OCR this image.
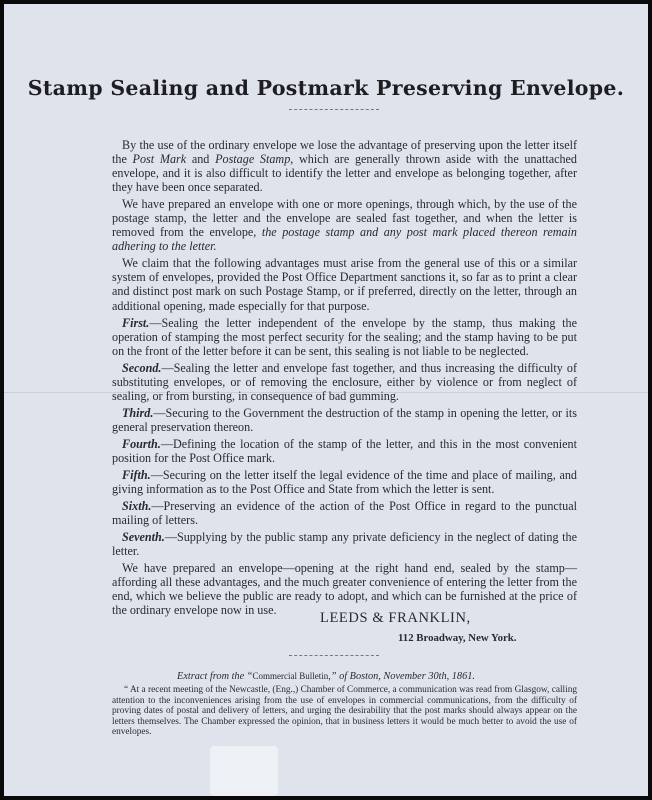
Stamp Sealing and Postmark Preserving Envelope.

By the use of the ordinary envelope we lose the advantage of preserving upon the letter itself the Post Mark and Postage Stamp, which are generally thrown aside with the unattached envelope, and it is also difficult to identify the letter and envelope as belonging together, after they have been once separated.

We have prepared an envelope with one or more openings, through which, by the use of the postage stamp, the letter and the envelope are sealed fast together, and when the letter is removed from the envelope, the postage stamp and any post mark placed thereon remain adhering to the letter.

We claim that the following advantages must arise from the general use of this or a similar system of envelopes, provided the Post Office Department sanctions it, so far as to print a clear and distinct post mark on such Postage Stamp, or if preferred, directly on the letter, through an additional opening, made especially for that purpose.

First.—Sealing the letter independent of the envelope by the stamp, thus making the operation of stamping the most perfect security for the sealing; and the stamp having to be put on the front of the letter before it can be sent, this sealing is not liable to be neglected.

Second.—Sealing the letter and envelope fast together, and thus increasing the difficulty of substituting envelopes, or of removing the enclosure, either by violence or from neglect of sealing, or from bursting, in consequence of bad gumming.

Third.—Securing to the Government the destruction of the stamp in opening the letter, or its general preservation thereon.

Fourth.—Defining the location of the stamp of the letter, and this in the most convenient position for the Post Office mark.

Fifth.—Securing on the letter itself the legal evidence of the time and place of mailing, and giving information as to the Post Office and State from which the letter is sent.

Sixth.—Preserving an evidence of the action of the Post Office in regard to the punctual mailing of letters.

Seventh.—Supplying by the public stamp any private deficiency in the neglect of dating the letter.

We have prepared an envelope—opening at the right hand end, sealed by the stamp—affording all these advantages, and the much greater convenience of entering the letter from the end, which we believe the public are ready to adopt, and which can be furnished at the price of the ordinary envelope now in use.	LEEDS & FRANKLIN,

112 Broadway, New York.

Extract from the “Commercial Bulletin,” of Boston, November 30th, 1861.

“ At a recent meeting of the Newcastle, (Eng.,) Chamber of Commerce, a communication was read from Glasgow, calling attention to the inconveniences arising from the use of envelopes in commercial communications, from the difficulty of proving dates of postal and delivery of letters, and urging the desirability that the post marks should always appear on the letters themselves. The Chamber expressed the opinion, that in business letters it would be much better to avoid the use of envelopes.
